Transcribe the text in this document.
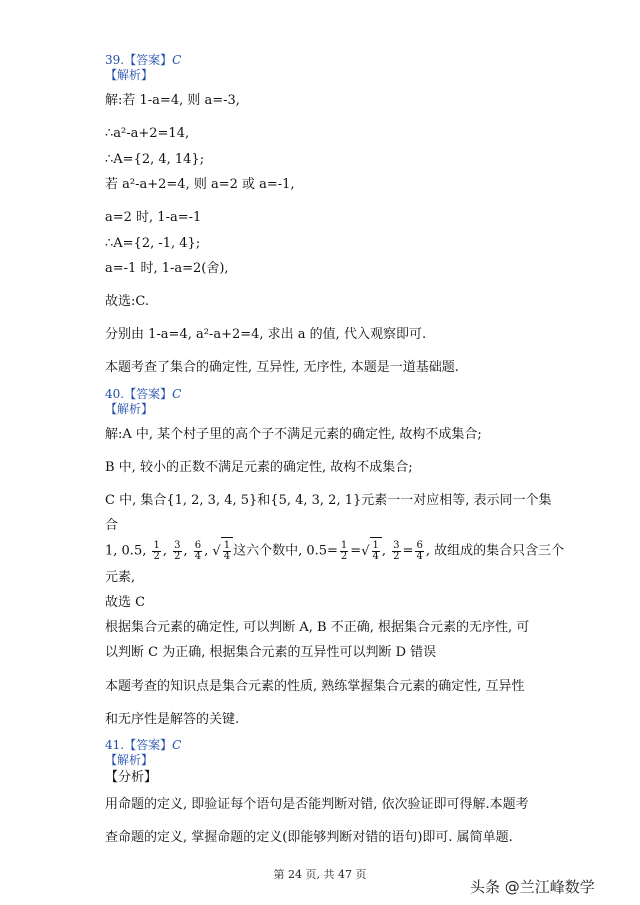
39.【答案】C
【解析】
解:若 1-a=4, 则 a=-3,
∴a²-a+2=14,
∴A={2, 4, 14};
若 a²-a+2=4, 则 a=2 或 a=-1,
a=2 时, 1-a=-1
∴A={2, -1, 4};
a=-1 时, 1-a=2(舍),
故选:C.
分别由 1-a=4, a²-a+2=4, 求出 a 的值, 代入观察即可.
本题考查了集合的确定性, 互异性, 无序性, 本题是一道基础题.
40.【答案】C
【解析】
解:A 中, 某个村子里的高个子不满足元素的确定性, 故构不成集合;
B 中, 较小的正数不满足元素的确定性, 故构不成集合;
C 中, 集合{1, 2, 3, 4, 5}和{5, 4, 3, 2, 1}元素一一对应相等, 表示同一个集
合
1, 0.5, $\frac{1}{2}$ , $\frac{3}{2}$ , $\frac{6}{4}$ , √ $\frac{1}{4}$ 这六个数中, $0.5= \frac{1}{2}$ =√ $\frac{1}{4}$ , $\frac{3}{2} = \frac{6}{4}$ , 故组成的集合只含三个
元素,
故选 C
根据集合元素的确定性, 可以判断 A, B 不正确, 根据集合元素的无序性, 可
以判断 C 为正确, 根据集合元素的互异性可以判断 D 错误
本题考查的知识点是集合元素的性质, 熟练掌握集合元素的确定性, 互异性
和无序性是解答的关键.
41.【答案】C
【解析】
【分析】
用命题的定义, 即验证每个语句是否能判断对错, 依次验证即可得解.本题考
查命题的定义, 掌握命题的定义(即能够判断对错的语句)即可. 属简单题.
第 24 页, 共 47 页
头条 @兰江峰数学
